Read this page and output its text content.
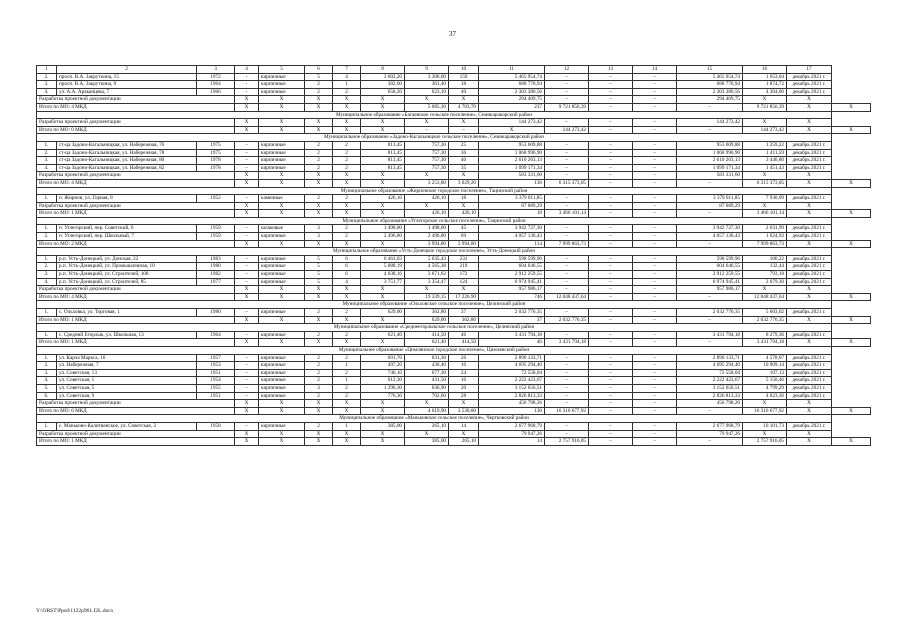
37
1	2	3	4	5	6	7	8	9	10	11	12	13	14	15	16	17	
2.	просп. В.А. Закруткина, 15	1972	-	кирпичные	5	4	3 602,20	3 306,60	159	5 465 954,74	–	–	–	5 465 954,74	1 653,04	декабрь 2021 г.	
3.	просп. В.А. Закруткина, 9	1964	-	кирпичные	2	1	382,60	361,40	18	688 770,94	–	–	–	688 770,94	1 874,72	декабрь 2021 г.	
4.	ул. А.А. Араканцева, 7	1966	-	кирпичные	2	2	658,20	623,10	40	2 303 380,56	–	–	–	2 303 380,56	4 304,06	декабрь 2021 г.	
Разработка проектной документации			X	X	X	X	X	X	X	294 409,75	–	–	–	294 409,75	X	X	
Итого по МО: 4 МКД			X	X	X	X	X	5 085,30	4 703,70	237	9 721 856,39	–	–	–	9 721 856,39	X	X
Муниципальное образование «Багаевское сельское поселение», Семикаракорский район																	
Разработка проектной документации			X	X	X	X	X	X	X	144 273,42	–	–	–	144 273,42	X	X	
Итого по МО: 0 МКД			X	X	X	X	X	–	–	X	144 273,42	–	–	–	144 273,42	X	X
Муниципальное образование «Задоно-Кагальницкое сельское поселение», Семикаракорский район																	
1.	ст-ца Задоно-Кагальницкая, ул. Набережная, 76	1975	–	кирпичные	2	2	813,45	757,30	25	953 609,88	–	–	–	953 609,88	1 259,22	декабрь 2021 г.	
2.	ст-ца Задоно-Кагальницкая, ул. Набережная, 78	1975	–	кирпичные	2	2	813,45	757,30	36	1 068 996,90	–	–	–	1 068 996,90	1 411,59	декабрь 2021 г.	
3.	ст-ца Задоно-Кагальницкая, ул. Набережная, 80	1978	–	кирпичные	2	2	813,45	757,30	40	2 610 263,13	–	–	–	2 610 263,13	3 446,80	декабрь 2021 г.	
4.	ст-ца Задоно-Кагальницкая, ул. Набережная, 82	1978	–	кирпичные	2	2	813,45	757,30	35	1 099 171,34	–	–	–	1 099 171,34	1 451,43	декабрь 2021 г.	
Разработка проектной документации			X	X	X	X	X	X	X	583 331,60	–	–	–	583 331,60	X	X	
Итого по МО: 4 МКД			X	X	X	X	X	3 253,80	3 029,20	136	6 315 373,05	–	–	–	6 315 373,05	X	X
Муниципальное образование «Жирновское городское поселение», Тацинский район																	
1.	п. Жирнов, ул. Горная, 8	1952	–	каменные	2	2	426,10	426,10	18	3 379 011,85	–	–	–	3 379 011,85	7 930,09	декабрь 2021 г.	
Разработка проектной документации			X	X	X	X	X	X	X	87 089,29	–	–	–	87 089,29	X	X	
Итого по МО: 1 МКД			X	X	X	X	X	426,10	426,10	18	3 466 101,14	–	–	–	3 466 101,14	X	X
Муниципальное образование «Углегорское сельское поселение», Тацинский район																	
1.	п. Углегорский, пер. Советский, 6	1959	–	шлаковые	3	2	1 498,00	1 498,00	45	3 942 727,30	–	–	–	3 942 727,30	2 631,99	декабрь 2021 г.	
2.	п. Углегорский, пер. Школьный, 7	1959	–	кирпичные	3	2	2 496,80	2 496,80	69	4 057 136,43	–	–	–	4 057 136,43	1 624,93	декабрь 2021 г.	
Итого по МО: 2 МКД			X	X	X	X	X	3 994,80	3 994,80	114	7 999 863,73	–	–	–	7 999 863,73	X	X
Муниципальное образование «Усть-Донецкое городское поселение», Усть-Донецкий район																	
1.	р.п. Усть-Донецкий, ул. Донская, 22	1983	–	кирпичные	5	6	6 461,03	5 635,43	231	598 599,96	–	–	–	598 599,96	106,22	декабрь 2021 г.	
2.	р.п. Усть-Донецкий, ул. Промышленная, 10	1980	–	кирпичные	5	6	5 088,19	4 565,38	219	604 646,55	–	–	–	604 646,55	132,44	декабрь 2021 г.	
3.	р.п. Усть-Донецкий, ул. Строителей, 108	1982	–	кирпичные	5	6	4 038,16	3 671,62	172	2 912 259,55	–	–	–	2 912 259,55	793,18	декабрь 2021 г.	
4.	р.п. Усть-Донецкий, ул. Строителей, 85	1977	–	кирпичные	5	4	3 751,77	3 354,47	124	6 974 945,41	–	–	–	6 974 945,41	2 079,30	декабрь 2021 г.	
Разработка проектной документации			X	X	X	X	X	X	X	957 986,17	–	–	–	957 986,17	X	X	
Итого по МО: 4 МКД			X	X	X	X	X	19 339,15	17 226,90	746	12 048 437,64	–	–	–	12 048 437,64	X	X
Муниципальное образование «Ольховское сельское поселение», Целинский район																	
1.	с. Ольховка, ул. Торговая, 1	1980	–	кирпичные	2	2	629,00	362,80	37	2 032 776,35	–	–	–	2 032 776,35	5 603,02	декабрь 2021 г.	
Итого по МО: 1 МКД			X	X	X	X	X	629,00	362,80	37	2 032 776,35	–	–	–	2 032 776,35	X	X
Муниципальное образование «Среднеегорлыкское сельское поселение», Целинский район																	
1.	с. Средний Егорлык, ул. Школьная, 13	1964	–	кирпичные	2	2	621,40	414,50	46	3 431 794,18	–	–	–	3 431 794,18	8 279,36	декабрь 2021 г.	
Итого по МО: 1 МКД			X	X	X	X	X	621,40	414,50	46	3 431 794,18	–	–	–	3 431 794,18	X	X
Муниципальное образование «Цимлянское городское поселение», Цимлянский район																	
1.	ул. Карла Маркса, 16	1957	–	кирпичные	2	2	691,70	631,30	26	2 890 133,71	–	–	–	2 890 133,71	4 578,07	декабрь 2021 г.	
2.	ул. Набережная, 7	1953	–	кирпичные	2	1	497,20	430,40	16	4 695 294,40	–	–	–	4 695 294,40	10 909,14	декабрь 2021 г.	
3.	ул. Советская, 13	1951	–	кирпичные	2	2	746,10	677,30	24	72 558,04	–	–	–	72 558,04	107,13	декабрь 2021 г.	
4.	ул. Советская, 1	1954	–	кирпичные	2	1	612,30	431,50	16	2 222 423,67	–	–	–	2 222 423,67	5 150,46	декабрь 2021 г.	
5.	ул. Советская, 5	1955	–	кирпичные	3	2	1 296,30	636,90	20	3 152 656,51	–	–	–	3 152 656,51	4 799,29	декабрь 2021 г.	
6.	ул. Советская, 9	1951	–	кирпичные	2	2	776,30	702,60	28	2 826 813,33	–	–	–	2 826 813,33	4 023,36	декабрь 2021 г.	
Разработка проектной документации			X	X	X	X	X	X	X	456 798,26	–	–	–	456 798,26	X	X	
Итого по МО: 6 МКД			X	X	X	X	X	4 619,90	3 530,00	130	16 316 677,92	–	–	–	16 316 677,92	X	X
Муниципальное образование «Маньковское сельское поселение», Чертковский район																	
1.	с. Маньково-Калитвенское, ул. Советская, 3	1958	–	кирпичные	2	1	385,00	265,10	14	2 677 968,79	–	–	–	2 677 968,79	10 101,73	декабрь 2021 г.	
Разработка проектной документации			X	X	X	X	X	X	X	79 947,26	–	–	–	79 947,26	X	X	
Итого по МО: 1 МКД			X	X	X	X	X	385,00	265,10	14	2 757 916,05	–	–	–	2 757 916,05	X	X
Y:\ORST\Ppsd\1122p961.f2L.docx
